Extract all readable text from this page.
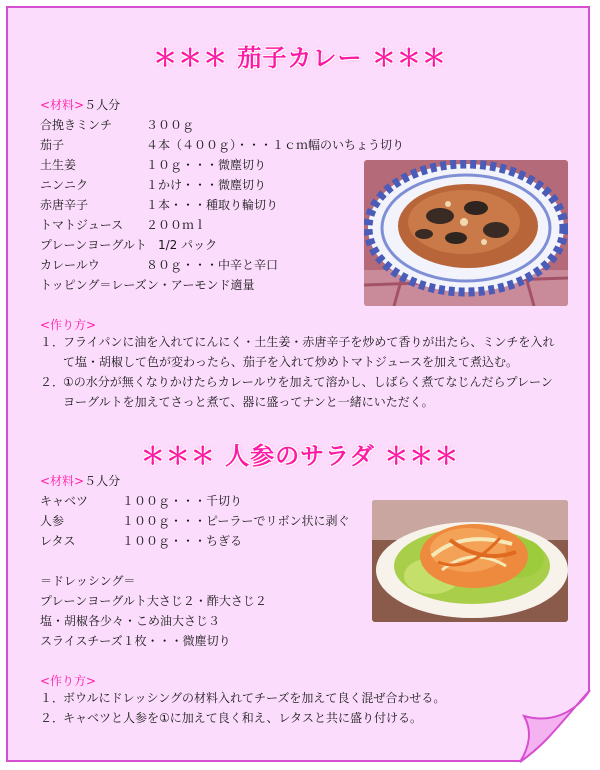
＊＊＊ 茄子カレー ＊＊＊
<材料>５人分
合挽きミンチ	３００ｇ
茄子	４本（４００ｇ）・・・１ｃｍ幅のいちょう切り
土生姜	１０ｇ・・・微塵切り
ニンニク	１かけ・・・微塵切り
赤唐辛子	１本・・・種取り輪切り
トマトジュース ２００ｍｌ
プレーンヨーグルト 1/2 パック
カレールウ	８０ｇ・・・中辛と辛口
トッピング＝レーズン・アーモンド適量
<作り方>
１．
フライパンに油を入れてにんにく・土生姜・赤唐辛子を炒めて香りが出たら、ミンチを入れて塩・胡椒して色が変わったら、茄子を入れて炒めトマトジュースを加えて煮込む。
２．
①の水分が無くなりかけたらカレールウを加えて溶かし、しばらく煮てなじんだらプレーンヨーグルトを加えてさっと煮て、器に盛ってナンと一緒にいただく。
＊＊＊ 人参のサラダ ＊＊＊
<材料>５人分
キャベツ	１００ｇ・・・千切り
人参	１００ｇ・・・ピーラーでリボン状に剥ぐ
レタス	１００ｇ・・・ちぎる
＝ドレッシング＝
プレーンヨーグルト大さじ２・酢大さじ２
塩・胡椒各少々・こめ油大さじ３
スライスチーズ１枚・・・微塵切り
<作り方>
１．
ボウルにドレッシングの材料入れてチーズを加えて良く混ぜ合わせる。
２．
キャベツと人参を①に加えて良く和え、レタスと共に盛り付ける。
